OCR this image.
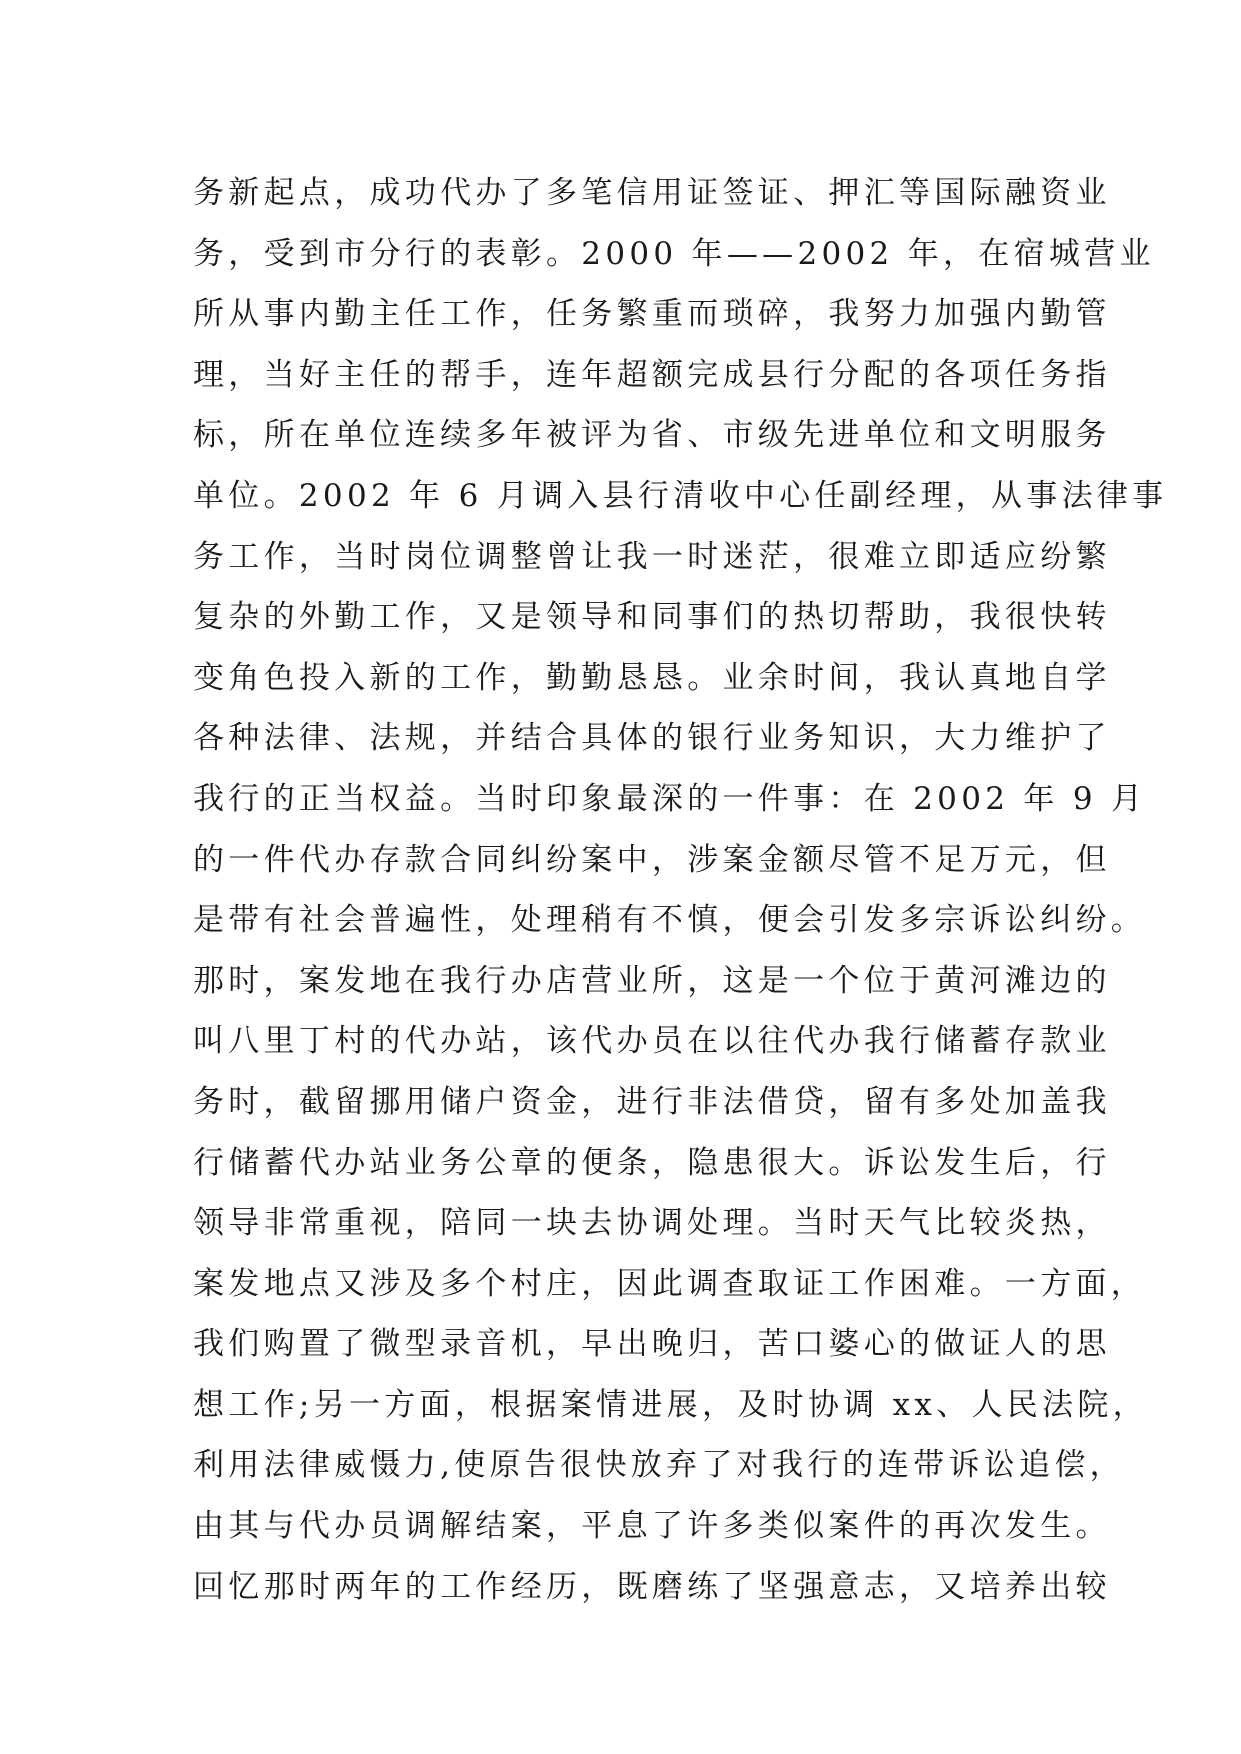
务新起点，成功代办了多笔信用证签证、押汇等国际融资业
务，受到市分行的表彰。2000 年——2002 年，在宿城营业
所从事内勤主任工作，任务繁重而琐碎，我努力加强内勤管
理，当好主任的帮手，连年超额完成县行分配的各项任务指
标，所在单位连续多年被评为省、市级先进单位和文明服务
单位。2002 年 6 月调入县行清收中心任副经理，从事法律事
务工作，当时岗位调整曾让我一时迷茫，很难立即适应纷繁
复杂的外勤工作，又是领导和同事们的热切帮助，我很快转
变角色投入新的工作，勤勤恳恳。业余时间，我认真地自学
各种法律、法规，并结合具体的银行业务知识，大力维护了
我行的正当权益。当时印象最深的一件事：在 2002 年 9 月
的一件代办存款合同纠纷案中，涉案金额尽管不足万元，但
是带有社会普遍性，处理稍有不慎，便会引发多宗诉讼纠纷。
那时，案发地在我行办店营业所，这是一个位于黄河滩边的
叫八里丁村的代办站，该代办员在以往代办我行储蓄存款业
务时，截留挪用储户资金，进行非法借贷，留有多处加盖我
行储蓄代办站业务公章的便条，隐患很大。诉讼发生后，行
领导非常重视，陪同一块去协调处理。当时天气比较炎热，
案发地点又涉及多个村庄，因此调查取证工作困难。一方面，
我们购置了微型录音机，早出晚归，苦口婆心的做证人的思
想工作;另一方面，根据案情进展，及时协调 xx、人民法院，
利用法律威慑力,使原告很快放弃了对我行的连带诉讼追偿，
由其与代办员调解结案，平息了许多类似案件的再次发生。
回忆那时两年的工作经历，既磨练了坚强意志，又培养出较
